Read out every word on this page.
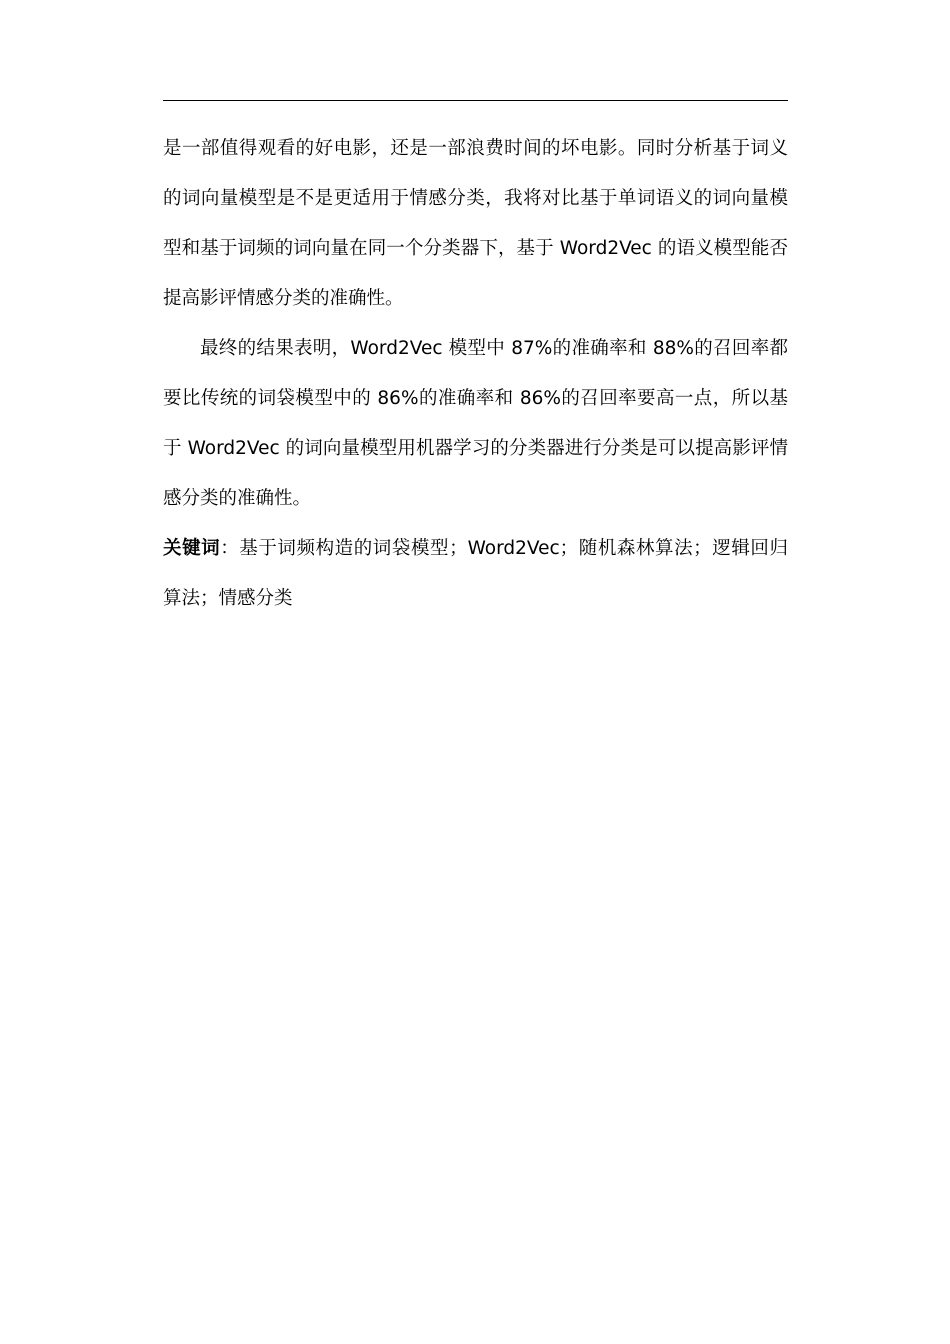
是一部值得观看的好电影，还是一部浪费时间的坏电影。同时分析基于词义的词向量模型是不是更适用于情感分类，我将对比基于单词语义的词向量模型和基于词频的词向量在同一个分类器下，基于 Word2Vec 的语义模型能否提高影评情感分类的准确性。

最终的结果表明，Word2Vec 模型中 87%的准确率和 88%的召回率都要比传统的词袋模型中的 86%的准确率和 86%的召回率要高一点，所以基于 Word2Vec 的词向量模型用机器学习的分类器进行分类是可以提高影评情感分类的准确性。

关键词：基于词频构造的词袋模型；Word2Vec；随机森林算法；逻辑回归算法；情感分类
